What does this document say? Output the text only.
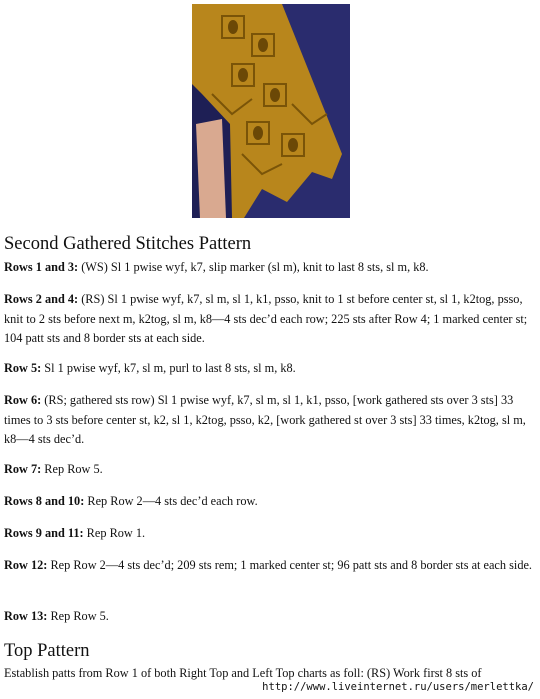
Second Gathered Stitches Pattern

Rows 1 and 3: (WS) Sl 1 pwise wyf, k7, slip marker (sl m), knit to last 8 sts, sl m, k8.

Rows 2 and 4: (RS) Sl 1 pwise wyf, k7, sl m, sl 1, k1, psso, knit to 1 st before center st, sl 1, k2tog, psso, knit to 2 sts before next m, k2tog, sl m, k8—4 sts dec’d each row; 225 sts after Row 4; 1 marked center st; 104 patt sts and 8 border sts at each side.

Row 5: Sl 1 pwise wyf, k7, sl m, purl to last 8 sts, sl m, k8.

Row 6: (RS; gathered sts row) Sl 1 pwise wyf, k7, sl m, sl 1, k1, psso, [work gathered sts over 3 sts] 33 times to 3 sts before center st, k2, sl 1, k2tog, psso, k2, [work gathered st over 3 sts] 33 times, k2tog, sl m, k8—4 sts dec’d.

Row 7: Rep Row 5.

Rows 8 and 10: Rep Row 2—4 sts dec’d each row.

Rows 9 and 11: Rep Row 1.

Row 12: Rep Row 2—4 sts dec’d; 209 sts rem; 1 marked center st; 96 patt sts and 8 border sts at each side.

Row 13: Rep Row 5.

Top Pattern

Establish patts from Row 1 of both Right Top and Left Top charts as foll: (RS) Work first 8 sts of

http://www.liveinternet.ru/users/merlettka/
